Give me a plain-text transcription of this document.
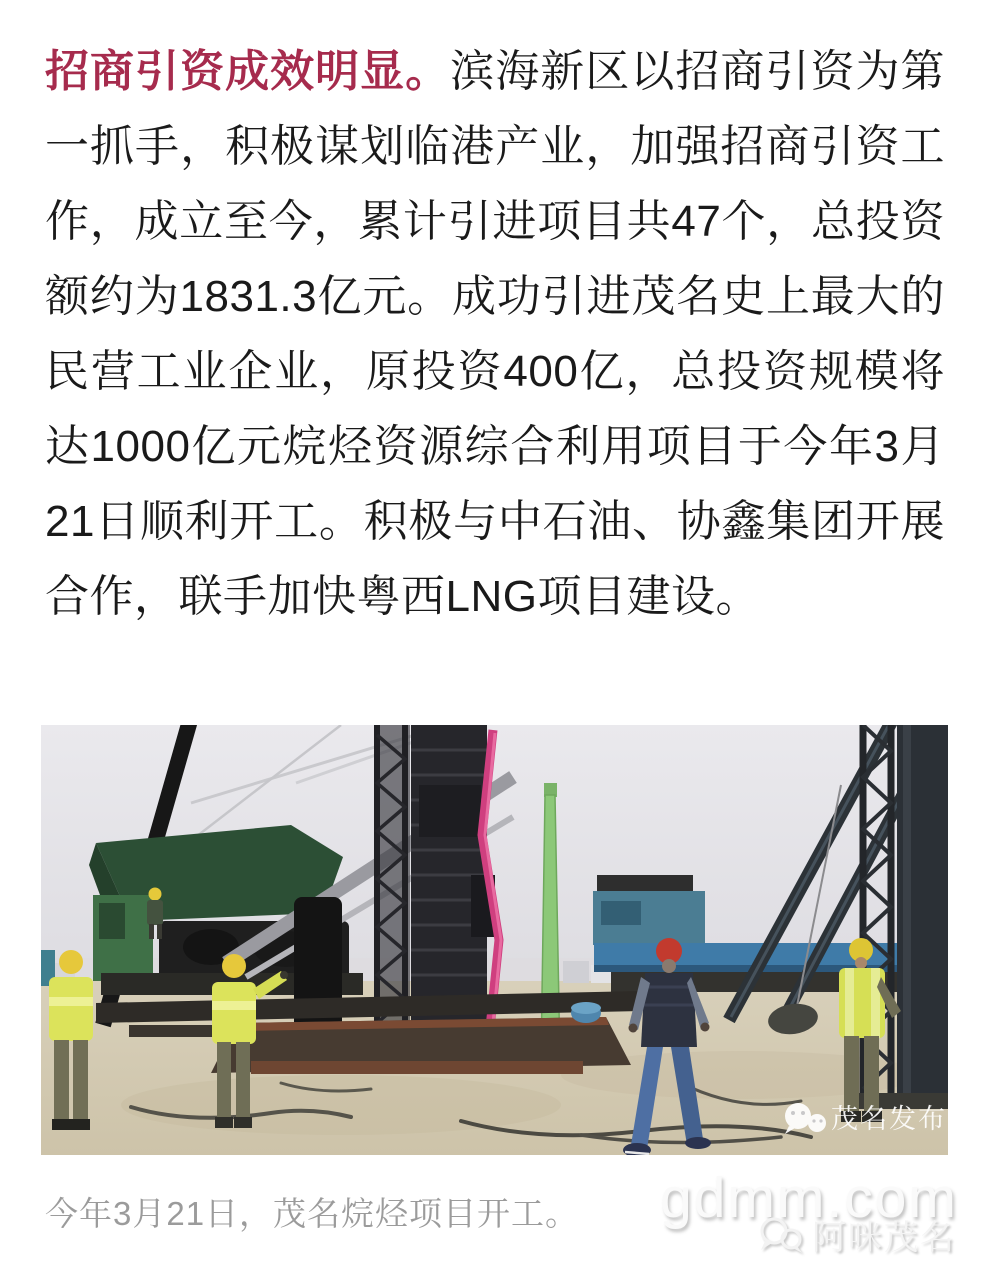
招商引资成效明显。滨海新区以招商引资为第一抓手，积极谋划临港产业，加强招商引资工作，成立至今，累计引进项目共47个，总投资额约为1831.3亿元。成功引进茂名史上最大的民营工业企业，原投资400亿，总投资规模将达1000亿元烷烃资源综合利用项目于今年3月21日顺利开工。积极与中石油、协鑫集团开展合作，联手加快粤西LNG项目建设。

茂名发布
今年3月21日，茂名烷烃项目开工。	gdmm.com
阿咪茂名
